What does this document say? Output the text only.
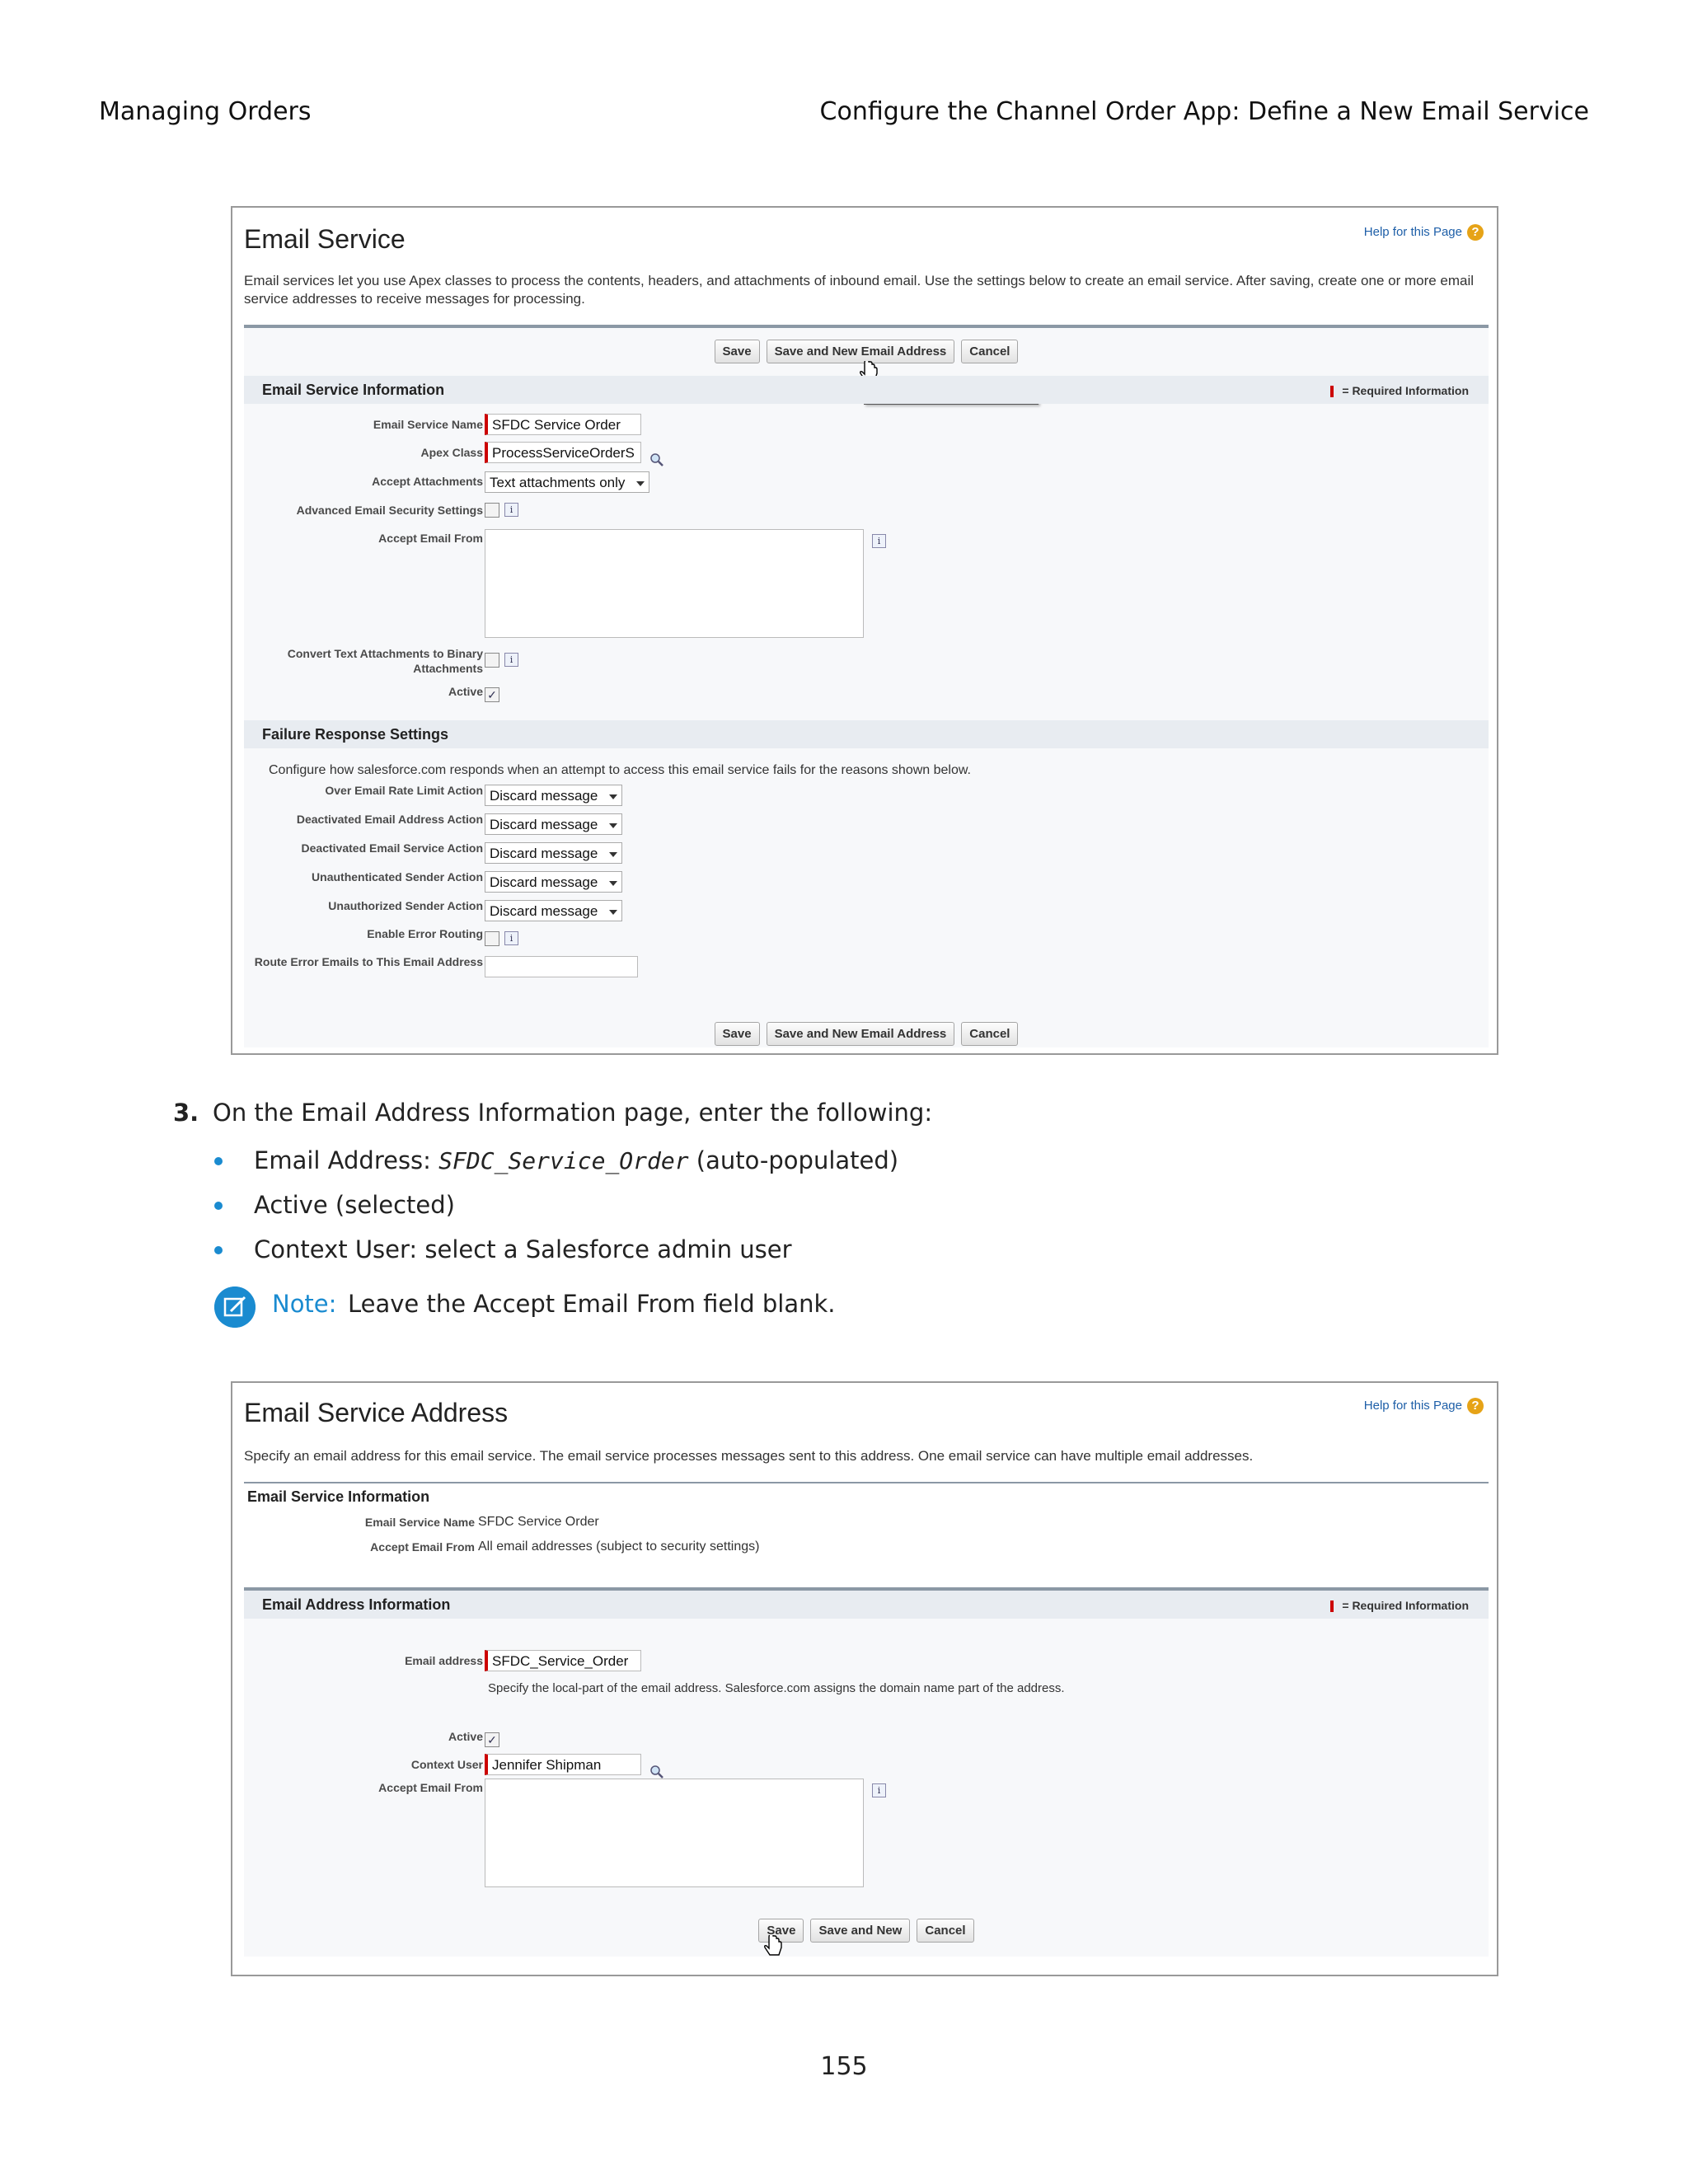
Managing Orders	Configure the Channel Order App: Define a New Email Service
Email Service	Help for this Page ?
Email services let you use Apex classes to process the contents, headers, and attachments of inbound email. Use the settings below to create an email service. After saving, create one or more email service addresses to receive messages for processing.
Save Save and New Email Address Cancel
Email Service Information	= Required Information
Email Service Name SFDC Service Order
Apex Class ProcessServiceOrderS
Accept Attachments Text attachments only
Advanced Email Security Settings	i
Accept Email From	i
Convert Text Attachments to Binary Attachments
i
Active ✓
Failure Response Settings
Configure how salesforce.com responds when an attempt to access this email service fails for the reasons shown below.
Over Email Rate Limit Action Discard message
Deactivated Email Address Action Discard message
Deactivated Email Service Action Discard message
Unauthenticated Sender Action Discard message
Unauthorized Sender Action Discard message
Enable Error Routing	i
Route Error Emails to This Email Address
Save Save and New Email Address Cancel
3. On the Email Address Information page, enter the following:
Email Address: SFDC_Service_Order (auto-populated)
Active (selected)
Context User: select a Salesforce admin user
Note: Leave the Accept Email From field blank.
Email Service Address	Help for this Page ?
Specify an email address for this email service. The email service processes messages sent to this address. One email service can have multiple email addresses.
Email Service Information
Email Service Name SFDC Service Order
Accept Email From All email addresses (subject to security settings)
Email Address Information	= Required Information
Email address SFDC_Service_Order
Specify the local-part of the email address. Salesforce.com assigns the domain name part of the address.
Active ✓
Context User Jennifer Shipman
Accept Email From	i
Save Save and New Cancel
155
